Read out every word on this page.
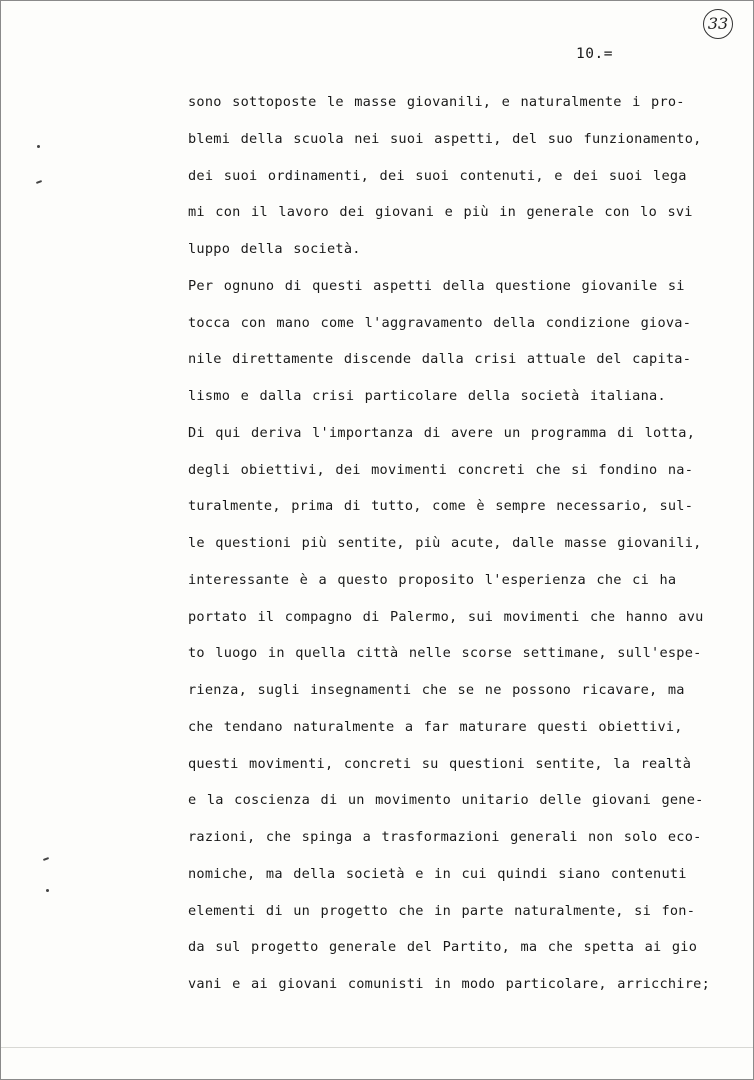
33
10.=
sono sottoposte le masse giovanili, e naturalmente i pro-
blemi della scuola nei suoi aspetti, del suo funzionamento,
dei suoi ordinamenti, dei suoi contenuti, e dei suoi lega
mi con il lavoro dei giovani e più in generale con lo svi
luppo della società.
Per ognuno di questi aspetti della questione giovanile si
tocca con mano come l'aggravamento della condizione giova-
nile direttamente discende dalla crisi attuale del capita-
lismo e dalla crisi particolare della società italiana.
Di qui deriva l'importanza di avere un programma di lotta,
degli obiettivi, dei movimenti concreti che si fondino na-
turalmente, prima di tutto, come è sempre necessario, sul-
le questioni più sentite, più acute, dalle masse giovanili,
interessante è a questo proposito l'esperienza che ci ha
portato il compagno di Palermo, sui movimenti che hanno avu
to luogo in quella città nelle scorse settimane, sull'espe-
rienza, sugli insegnamenti che se ne possono ricavare, ma
che tendano naturalmente a far maturare questi obiettivi,
questi movimenti, concreti su questioni sentite, la realtà
e la coscienza di un movimento unitario delle giovani gene-
razioni, che spinga a trasformazioni generali non solo eco-
nomiche, ma della società e in cui quindi siano contenuti
elementi di un progetto che in parte naturalmente, si fon-
da sul progetto generale del Partito, ma che spetta ai gio
vani e ai giovani comunisti in modo particolare, arricchire;
